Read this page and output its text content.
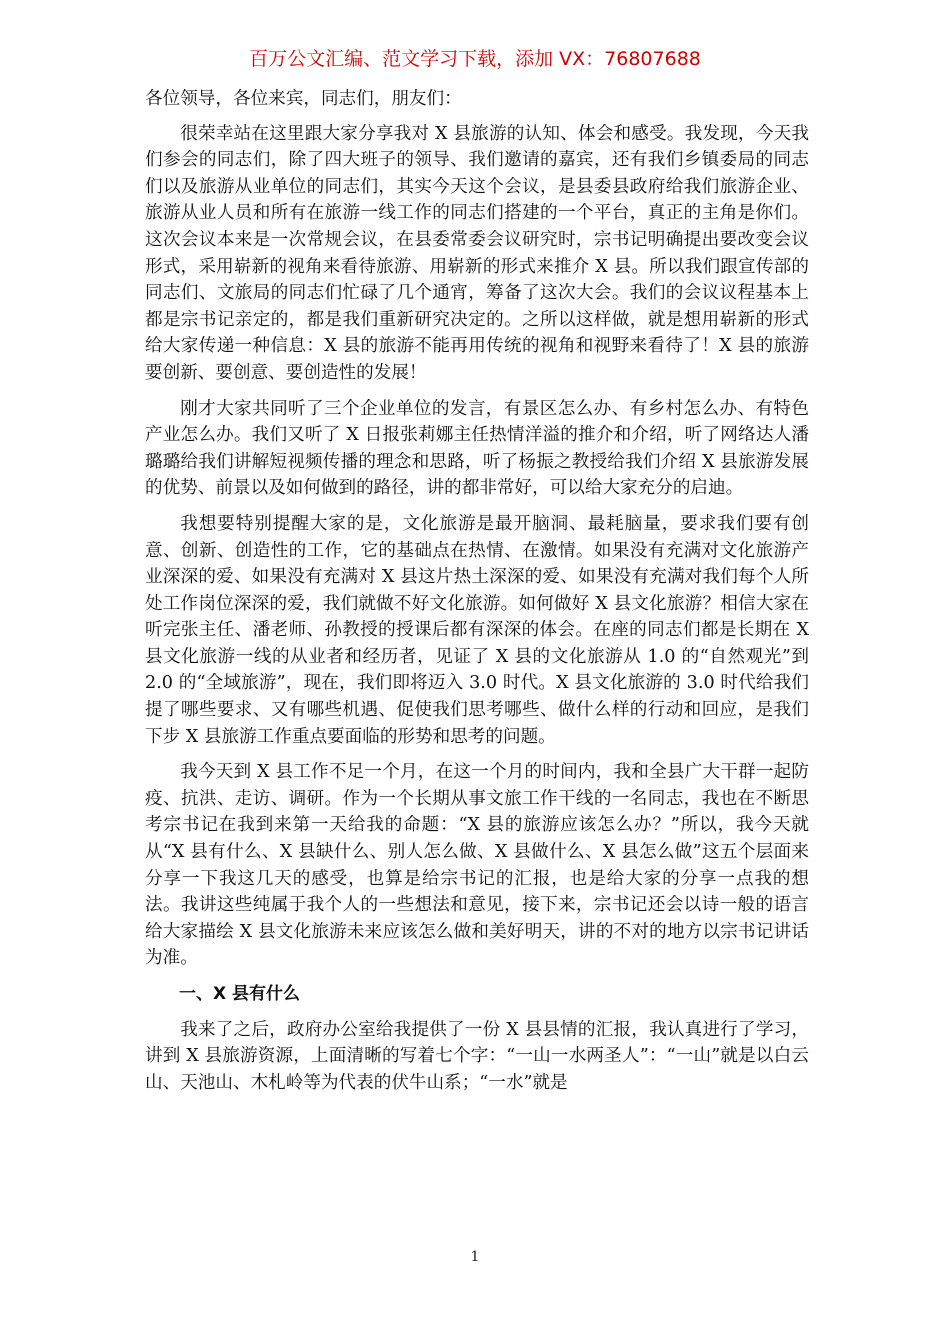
百万公文汇编、范文学习下载，添加 VX：76807688

各位领导，各位来宾，同志们，朋友们：

很荣幸站在这里跟大家分享我对 X 县旅游的认知、体会和感受。我发现，今天我们参会的同志们，除了四大班子的领导、我们邀请的嘉宾，还有我们乡镇委局的同志们以及旅游从业单位的同志们，其实今天这个会议，是县委县政府给我们旅游企业、旅游从业人员和所有在旅游一线工作的同志们搭建的一个平台，真正的主角是你们。这次会议本来是一次常规会议，在县委常委会议研究时，宗书记明确提出要改变会议形式，采用崭新的视角来看待旅游、用崭新的形式来推介 X 县。所以我们跟宣传部的同志们、文旅局的同志们忙碌了几个通宵，筹备了这次大会。我们的会议议程基本上都是宗书记亲定的，都是我们重新研究决定的。之所以这样做，就是想用崭新的形式给大家传递一种信息：X 县的旅游不能再用传统的视角和视野来看待了！X 县的旅游要创新、要创意、要创造性的发展！

刚才大家共同听了三个企业单位的发言，有景区怎么办、有乡村怎么办、有特色产业怎么办。我们又听了 X 日报张莉娜主任热情洋溢的推介和介绍，听了网络达人潘璐璐给我们讲解短视频传播的理念和思路，听了杨振之教授给我们介绍 X 县旅游发展的优势、前景以及如何做到的路径，讲的都非常好，可以给大家充分的启迪。

我想要特别提醒大家的是，文化旅游是最开脑洞、最耗脑量，要求我们要有创意、创新、创造性的工作，它的基础点在热情、在激情。如果没有充满对文化旅游产业深深的爱、如果没有充满对 X 县这片热土深深的爱、如果没有充满对我们每个人所处工作岗位深深的爱，我们就做不好文化旅游。如何做好 X 县文化旅游？相信大家在听完张主任、潘老师、孙教授的授课后都有深深的体会。在座的同志们都是长期在 X 县文化旅游一线的从业者和经历者，见证了 X 县的文化旅游从 1.0 的“自然观光”到 2.0 的“全域旅游”，现在，我们即将迈入 3.0 时代。X 县文化旅游的 3.0 时代给我们提了哪些要求、又有哪些机遇、促使我们思考哪些、做什么样的行动和回应，是我们下步 X 县旅游工作重点要面临的形势和思考的问题。

我今天到 X 县工作不足一个月，在这一个月的时间内，我和全县广大干群一起防疫、抗洪、走访、调研。作为一个长期从事文旅工作干线的一名同志，我也在不断思考宗书记在我到来第一天给我的命题：“X 县的旅游应该怎么办？”所以，我今天就从“X 县有什么、X 县缺什么、别人怎么做、X 县做什么、X 县怎么做”这五个层面来分享一下我这几天的感受，也算是给宗书记的汇报，也是给大家的分享一点我的想法。我讲这些纯属于我个人的一些想法和意见，接下来，宗书记还会以诗一般的语言给大家描绘 X 县文化旅游未来应该怎么做和美好明天，讲的不对的地方以宗书记讲话为准。

一、X 县有什么

我来了之后，政府办公室给我提供了一份 X 县县情的汇报，我认真进行了学习，讲到 X 县旅游资源，上面清晰的写着七个字：“一山一水两圣人”：“一山”就是以白云山、天池山、木札岭等为代表的伏牛山系；“一水”就是

1
